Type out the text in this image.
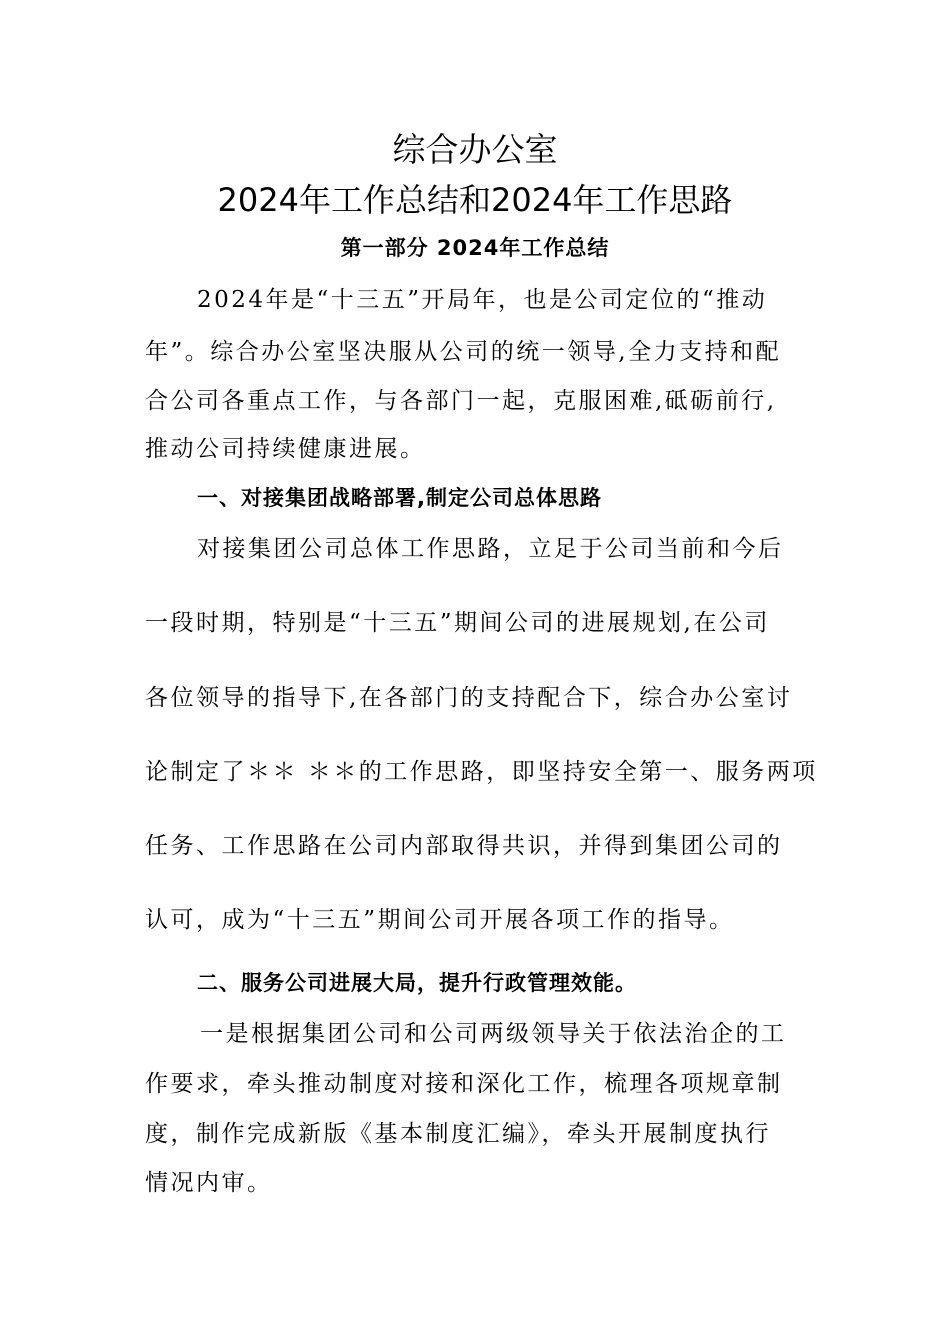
综合办公室
2024年工作总结和2024年工作思路
第一部分 2024年工作总结
2024年是“十三五”开局年，也是公司定位的“推动
年”。综合办公室坚决服从公司的统一领导,全力支持和配
合公司各重点工作，与各部门一起，克服困难,砥砺前行,
推动公司持续健康进展。
一、对接集团战略部署,制定公司总体思路
对接集团公司总体工作思路，立足于公司当前和今后
一段时期，特别是“十三五”期间公司的进展规划,在公司
各位领导的指导下,在各部门的支持配合下，综合办公室讨
论制定了＊＊ ＊＊的工作思路，即坚持安全第一、服务两项
任务、工作思路在公司内部取得共识，并得到集团公司的
认可，成为“十三五”期间公司开展各项工作的指导。
二、服务公司进展大局，提升行政管理效能。
一是根据集团公司和公司两级领导关于依法治企的工
作要求，牵头推动制度对接和深化工作，梳理各项规章制
度，制作完成新版《基本制度汇编》，牵头开展制度执行
情况内审。
